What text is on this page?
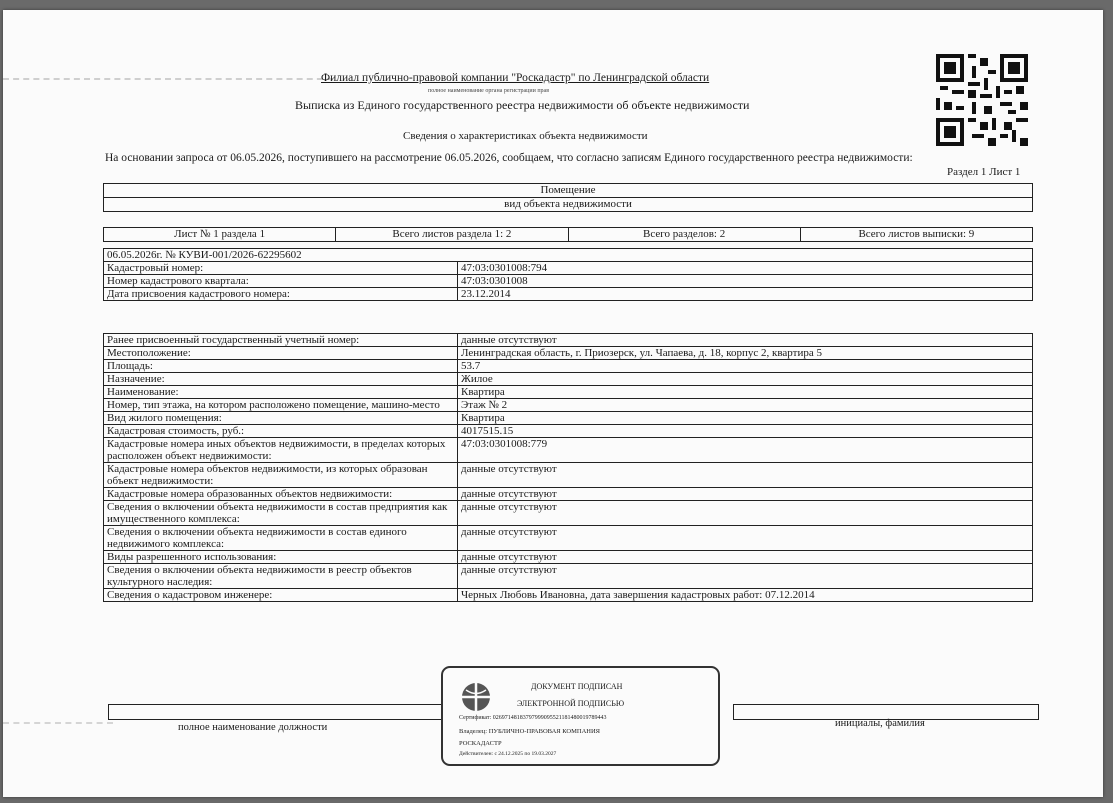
Филиал публично-правовой компании "Роскадастр" по Ленинградской области
полное наименование органа регистрации прав
Выписка из Единого государственного реестра недвижимости об объекте недвижимости
Сведения о характеристиках объекта недвижимости
На основании запроса от 06.05.2026, поступившего на рассмотрение 06.05.2026, сообщаем, что согласно записям Единого государственного реестра недвижимости:
Раздел 1 Лист 1
Помещение
вид объекта недвижимости
Лист № 1 раздела 1	Всего листов раздела 1: 2	Всего разделов: 2	Всего листов выписки: 9
06.05.2026г. № КУВИ-001/2026-62295602	
Кадастровый номер:	47:03:0301008:794
Номер кадастрового квартала:	47:03:0301008
Дата присвоения кадастрового номера:	23.12.2014
Ранее присвоенный государственный учетный номер:	данные отсутствуют
Местоположение:	Ленинградская область, г. Приозерск, ул. Чапаева, д. 18, корпус 2, квартира 5
Площадь:	53.7
Назначение:	Жилое
Наименование:	Квартира
Номер, тип этажа, на котором расположено помещение, машино-место	Этаж № 2
Вид жилого помещения:	Квартира
Кадастровая стоимость, руб.:	4017515.15
Кадастровые номера иных объектов недвижимости, в пределах которых расположен объект недвижимости:	47:03:0301008:779
Кадастровые номера объектов недвижимости, из которых образован объект недвижимости:	данные отсутствуют
Кадастровые номера образованных объектов недвижимости:	данные отсутствуют
Сведения о включении объекта недвижимости в состав предприятия как имущественного комплекса:	данные отсутствуют
Сведения о включении объекта недвижимости в состав единого недвижимого комплекса:	данные отсутствуют
Виды разрешенного использования:	данные отсутствуют
Сведения о включении объекта недвижимости в реестр объектов культурного наследия:	данные отсутствуют
Сведения о кадастровом инженере:	Черных Любовь Ивановна, дата завершения кадастровых работ: 07.12.2014
полное наименование должности	инициалы, фамилия
ДОКУМЕНТ ПОДПИСАН
ЭЛЕКТРОННОЙ ПОДПИСЬЮ
Сертификат: 02697148183797999095521181480019789443
Владелец: ПУБЛИЧНО-ПРАВОВАЯ КОМПАНИЯ
РОСКАДАСТР
Действителен: с 24.12.2025 по 19.03.2027
